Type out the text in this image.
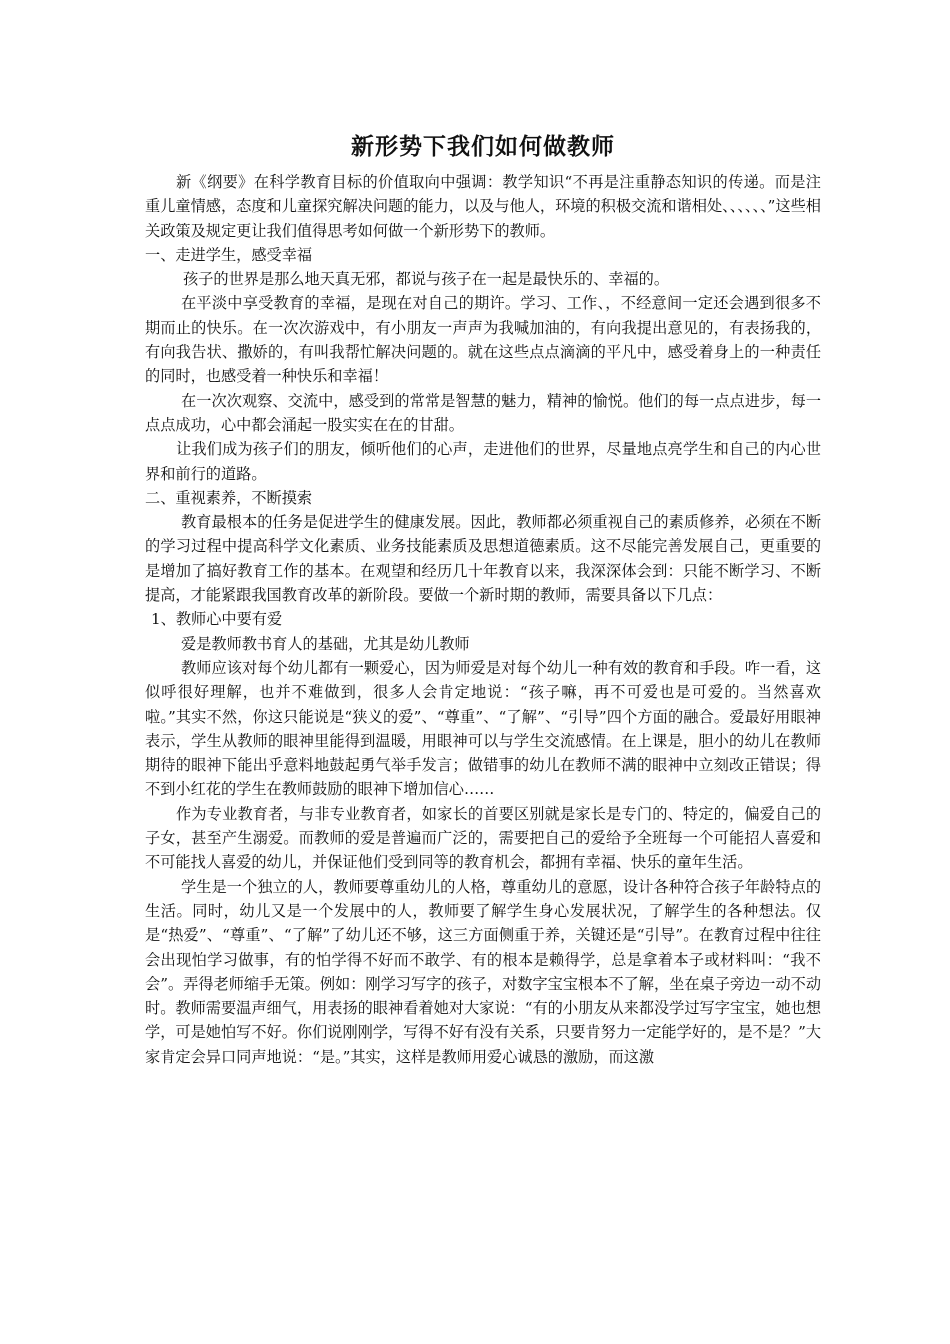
新形势下我们如何做教师

新《纲要》在科学教育目标的价值取向中强调：教学知识“不再是注重静态知识的传递。而是注重儿童情感，态度和儿童探究解决问题的能力，以及与他人，环境的积极交流和谐相处、、、、、、”这些相关政策及规定更让我们值得思考如何做一个新形势下的教师。

一、走进学生，感受幸福

孩子的世界是那么地天真无邪，都说与孩子在一起是最快乐的、幸福的。

在平淡中享受教育的幸福，是现在对自己的期许。学习、工作、，不经意间一定还会遇到很多不期而止的快乐。在一次次游戏中，有小朋友一声声为我喊加油的，有向我提出意见的，有表扬我的，有向我告状、撒娇的，有叫我帮忙解决问题的。就在这些点点滴滴的平凡中，感受着身上的一种责任的同时，也感受着一种快乐和幸福！

在一次次观察、交流中，感受到的常常是智慧的魅力，精神的愉悦。他们的每一点点进步，每一点点成功，心中都会涌起一股实实在在的甘甜。

让我们成为孩子们的朋友，倾听他们的心声，走进他们的世界，尽量地点亮学生和自己的内心世界和前行的道路。

二、重视素养，不断摸索

教育最根本的任务是促进学生的健康发展。因此，教师都必须重视自己的素质修养，必须在不断的学习过程中提高科学文化素质、业务技能素质及思想道德素质。这不尽能完善发展自己，更重要的是增加了搞好教育工作的基本。在观望和经历几十年教育以来，我深深体会到：只能不断学习、不断提高，才能紧跟我国教育改革的新阶段。要做一个新时期的教师，需要具备以下几点：

1、教师心中要有爱

爱是教师教书育人的基础，尤其是幼儿教师

教师应该对每个幼儿都有一颗爱心，因为师爱是对每个幼儿一种有效的教育和手段。咋一看，这似呼很好理解，也并不难做到，很多人会肯定地说：“孩子嘛，再不可爱也是可爱的。当然喜欢啦。”其实不然，你这只能说是“狭义的爱”、“尊重”、“了解”、“引导”四个方面的融合。爱最好用眼神表示，学生从教师的眼神里能得到温暖，用眼神可以与学生交流感情。在上课是，胆小的幼儿在教师期待的眼神下能出乎意料地鼓起勇气举手发言；做错事的幼儿在教师不满的眼神中立刻改正错误；得不到小红花的学生在教师鼓励的眼神下增加信心……

作为专业教育者，与非专业教育者，如家长的首要区别就是家长是专门的、特定的，偏爱自己的子女，甚至产生溺爱。而教师的爱是普遍而广泛的，需要把自己的爱给予全班每一个可能招人喜爱和不可能找人喜爱的幼儿，并保证他们受到同等的教育机会，都拥有幸福、快乐的童年生活。

学生是一个独立的人，教师要尊重幼儿的人格，尊重幼儿的意愿，设计各种符合孩子年龄特点的生活。同时，幼儿又是一个发展中的人，教师要了解学生身心发展状况，了解学生的各种想法。仅是“热爱”、“尊重”、“了解”了幼儿还不够，这三方面侧重于养，关键还是“引导”。在教育过程中往往会出现怕学习做事，有的怕学得不好而不敢学、有的根本是赖得学，总是拿着本子或材料叫：“我不会”。弄得老师缩手无策。例如：刚学习写字的孩子，对数字宝宝根本不了解，坐在桌子旁边一动不动时。教师需要温声细气，用表扬的眼神看着她对大家说：“有的小朋友从来都没学过写字宝宝，她也想学，可是她怕写不好。你们说刚刚学，写得不好有没有关系，只要肯努力一定能学好的，是不是？”大家肯定会异口同声地说：“是。”其实，这样是教师用爱心诚恳的激励，而这激
